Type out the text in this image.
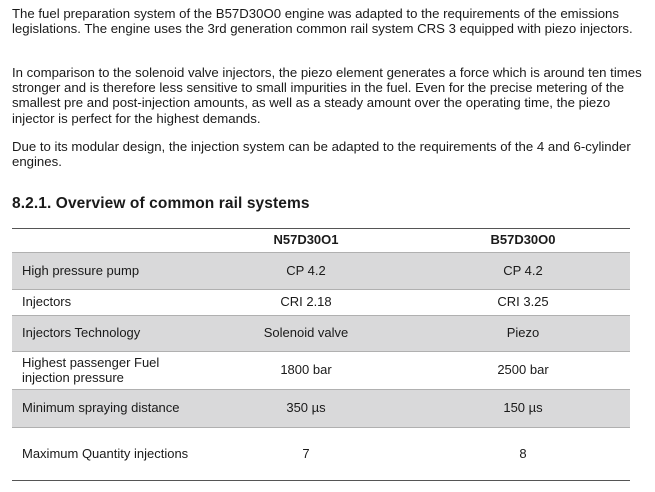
The fuel preparation system of the B57D30O0 engine was adapted to the requirements of the emissions legislations. The engine uses the 3rd generation common rail system CRS 3 equipped with piezo injectors.

In comparison to the solenoid valve injectors, the piezo element generates a force which is around ten times stronger and is therefore less sensitive to small impurities in the fuel. Even for the precise metering of the smallest pre and post-injection amounts, as well as a steady amount over the operating time, the piezo injector is perfect for the highest demands.

Due to its modular design, the injection system can be adapted to the requirements of the 4 and 6-cylinder engines.

8.2.1. Overview of common rail systems
	N57D30O1	B57D30O0
High pressure pump	CP 4.2	CP 4.2
Injectors	CRI 2.18	CRI 3.25
Injectors Technology	Solenoid valve	Piezo
Highest passenger Fuel injection pressure	1800 bar	2500 bar
Minimum spraying distance	350 µs	150 µs
Maximum Quantity injections	7	8
